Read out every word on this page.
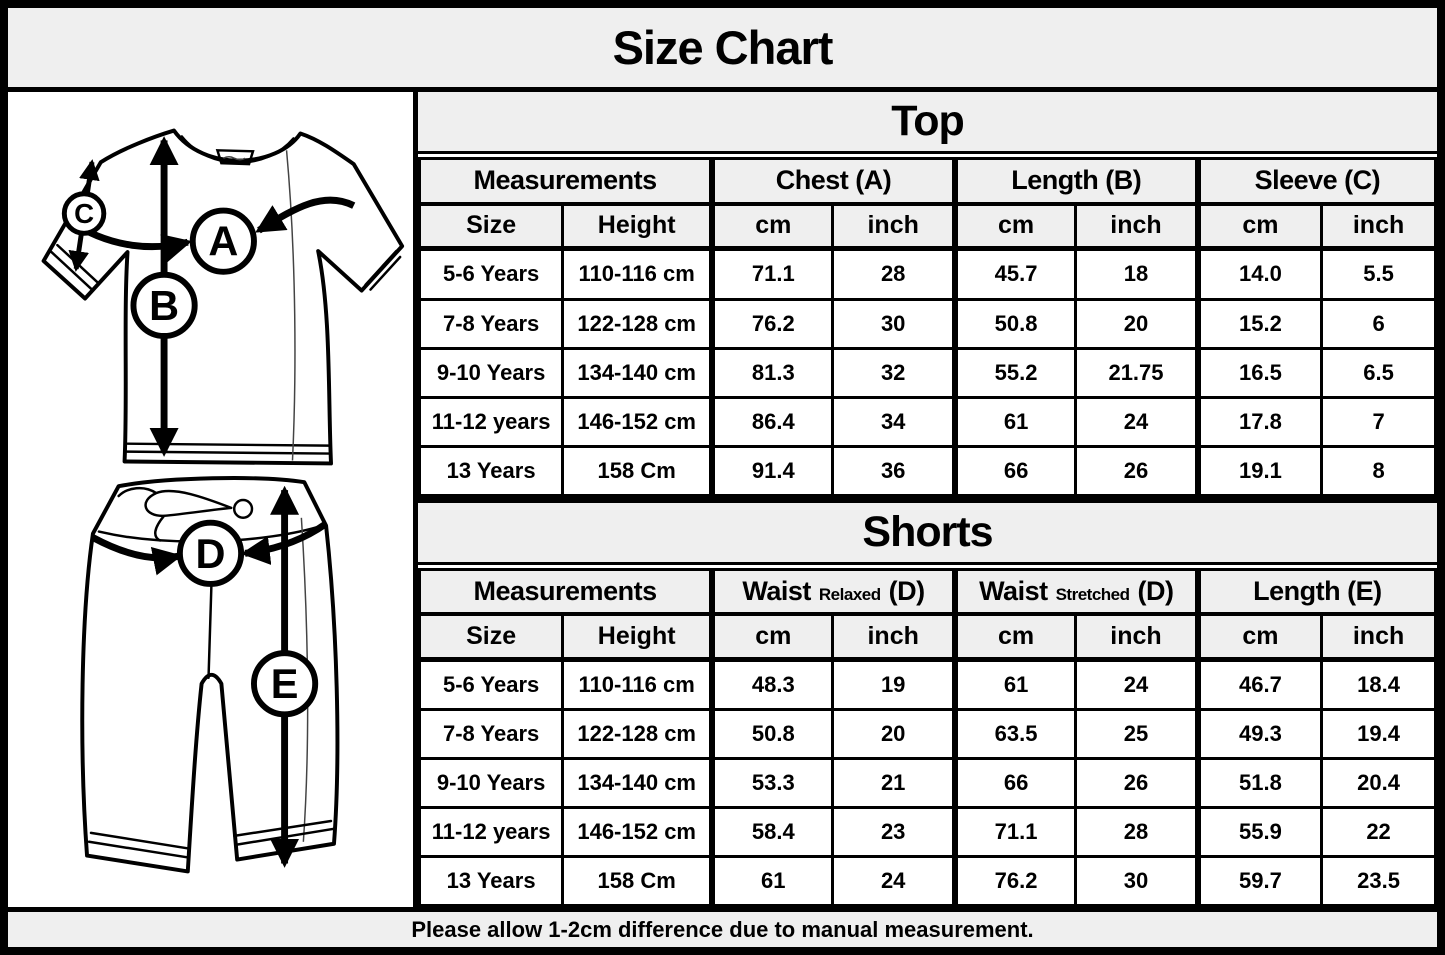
Size Chart
A
B
C
D
E
Top
Measurements		Chest (A)		Length (B)		Sleeve (C)	
Size	Height	cm	inch	cm	inch	cm	inch
5-6 Years	110-116 cm	71.1	28	45.7	18	14.0	5.5
7-8 Years	122-128 cm	76.2	30	50.8	20	15.2	6
9-10 Years	134-140 cm	81.3	32	55.2	21.75	16.5	6.5
11-12 years	146-152 cm	86.4	34	61	24	17.8	7
13 Years	158 Cm	91.4	36	66	26	19.1	8
Shorts
Measurements		Waist Relaxed (D)		Waist Stretched (D)		Length (E)	
Size	Height	cm	inch	cm	inch	cm	inch
5-6 Years	110-116 cm	48.3	19	61	24	46.7	18.4
7-8 Years	122-128 cm	50.8	20	63.5	25	49.3	19.4
9-10 Years	134-140 cm	53.3	21	66	26	51.8	20.4
11-12 years	146-152 cm	58.4	23	71.1	28	55.9	22
13 Years	158 Cm	61	24	76.2	30	59.7	23.5
Please allow 1-2cm difference due to manual measurement.
